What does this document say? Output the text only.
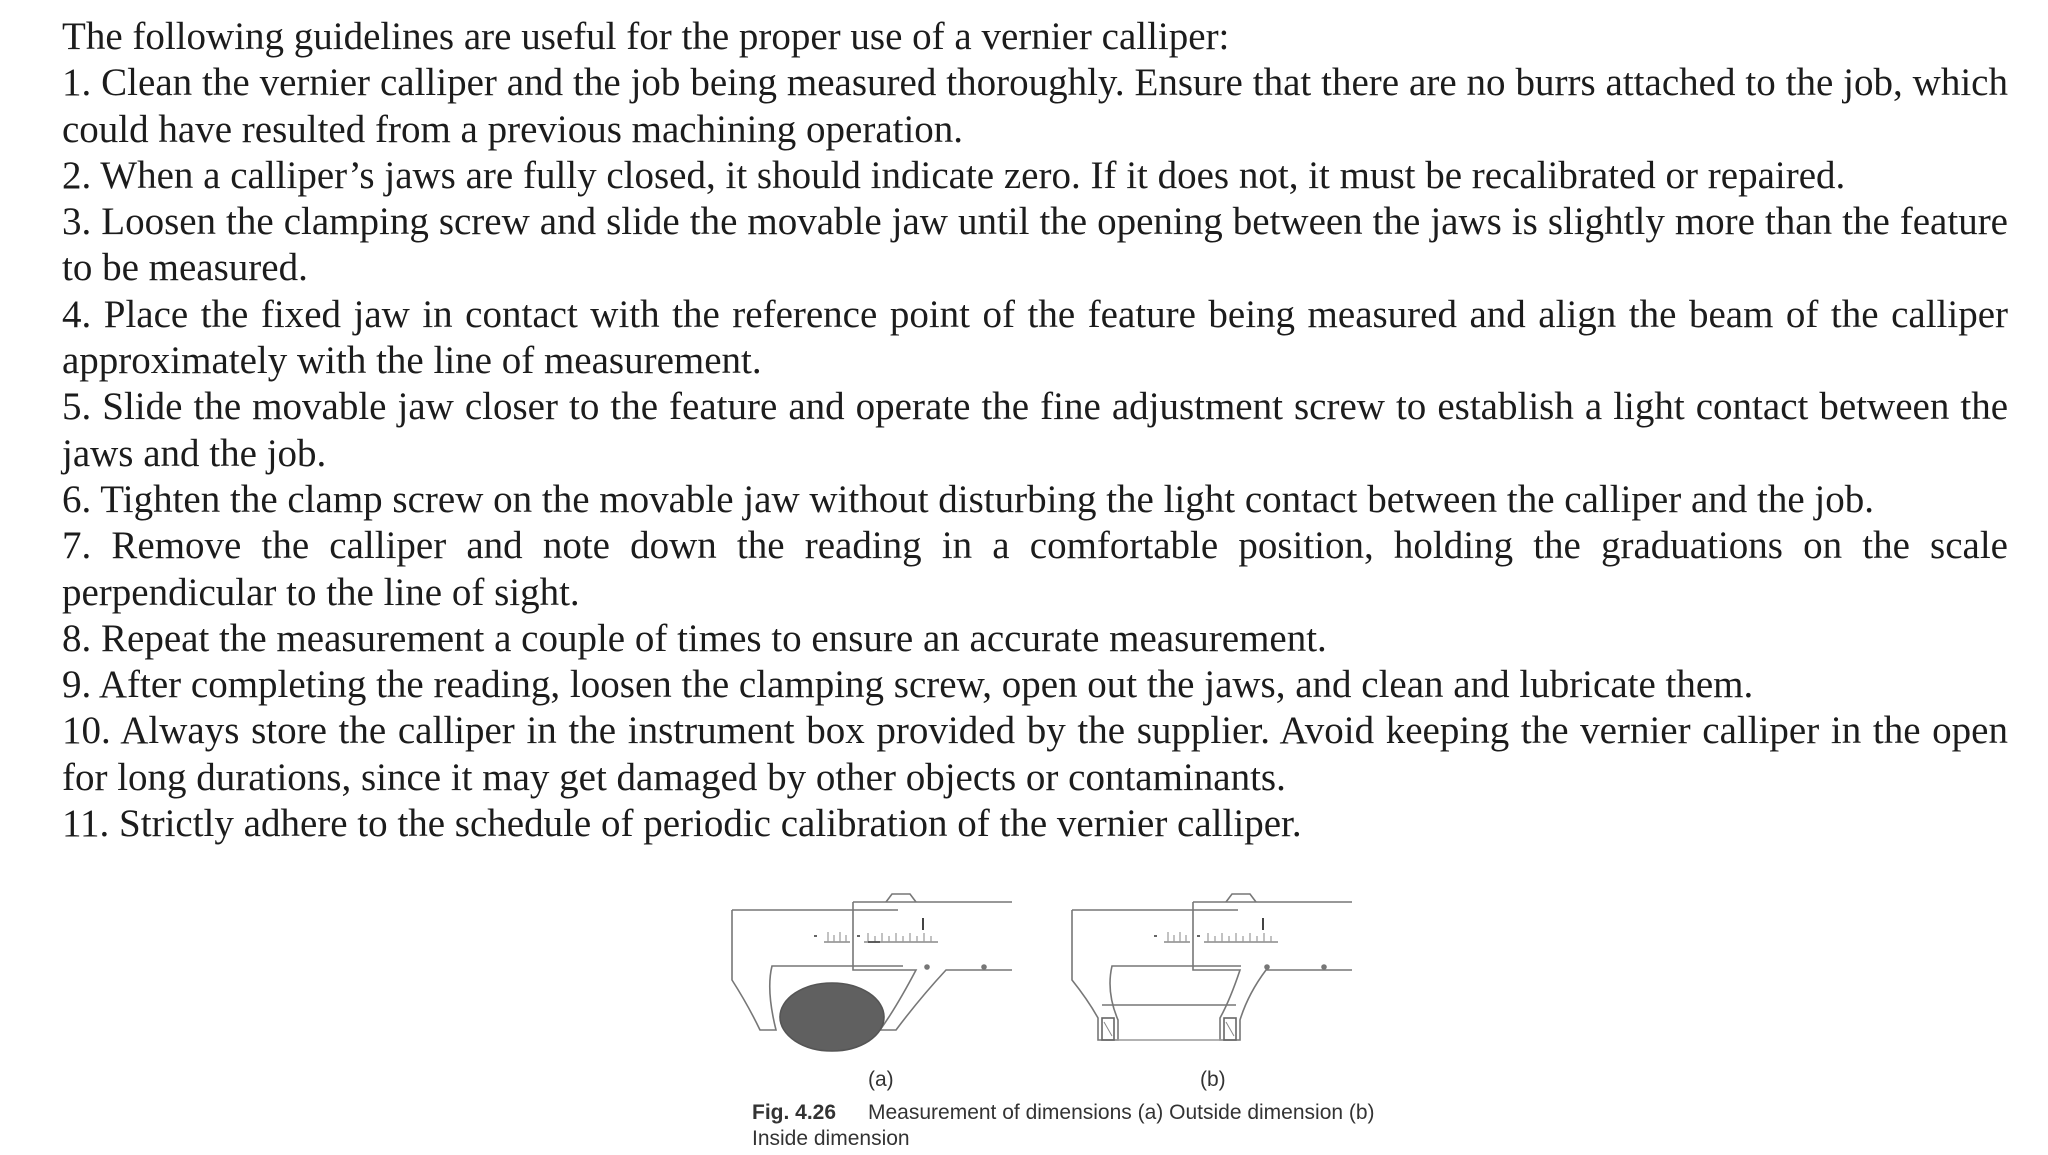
The following guidelines are useful for the proper use of a vernier calliper:

1. Clean the vernier calliper and the job being measured thoroughly. Ensure that there are no burrs attached to the job, which could have resulted from a previous machining operation.

2. When a calliper’s jaws are fully closed, it should indicate zero. If it does not, it must be recalibrated or repaired.

3. Loosen the clamping screw and slide the movable jaw until the opening between the jaws is slightly more than the feature to be measured.

4. Place the fixed jaw in contact with the reference point of the feature being measured and align the beam of the calliper approximately with the line of measurement.

5. Slide the movable jaw closer to the feature and operate the fine adjustment screw to establish a light contact between the jaws and the job.

6. Tighten the clamp screw on the movable jaw without disturbing the light contact between the calliper and the job.

7. Remove the calliper and note down the reading in a comfortable position, holding the graduations on the scale perpendicular to the line of sight.

8. Repeat the measurement a couple of times to ensure an accurate measurement.

9. After completing the reading, loosen the clamping screw, open out the jaws, and clean and lubricate them.

10. Always store the calliper in the instrument box provided by the supplier. Avoid keeping the vernier calliper in the open for long durations, since it may get damaged by other objects or contaminants.

11. Strictly adhere to the schedule of periodic calibration of the vernier calliper.

(a)	(b)
Fig. 4.26 Measurement of dimensions (a) Outside dimension (b) Inside dimension
